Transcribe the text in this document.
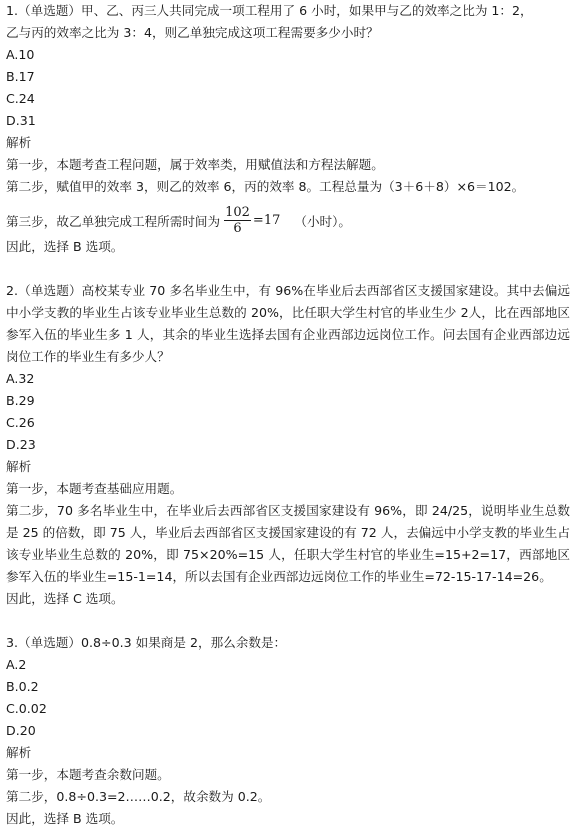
1.（单选题）甲、乙、丙三人共同完成一项工程用了 6 小时，如果甲与乙的效率之比为 1：2，
乙与丙的效率之比为 3：4，则乙单独完成这项工程需要多少小时？
A.10
B.17
C.24
D.31
解析
第一步，本题考查工程问题，属于效率类，用赋值法和方程法解题。
第二步，赋值甲的效率 3，则乙的效率 6，丙的效率 8。工程总量为（3＋6＋8）×6＝102。
第三步，故乙单独完成工程所需时间为 $\frac{102}{6} =17$ （小时）。
因此，选择 B 选项。
2.（单选题）高校某专业 70 多名毕业生中，有 96%在毕业后去西部省区支援国家建设。其中去偏远中小学支教的毕业生占该专业毕业生总数的 20%，比任职大学生村官的毕业生少 2人，比在西部地区参军入伍的毕业生多 1 人，其余的毕业生选择去国有企业西部边远岗位工作。问去国有企业西部边远岗位工作的毕业生有多少人？
A.32
B.29
C.26
D.23
解析
第一步，本题考查基础应用题。
第二步，70 多名毕业生中，在毕业后去西部省区支援国家建设有 96%，即 24/25，说明毕业生总数是 25 的倍数，即 75 人，毕业后去西部省区支援国家建设的有 72 人，去偏远中小学支教的毕业生占该专业毕业生总数的 20%，即 75×20%=15 人，任职大学生村官的毕业生=15+2=17，西部地区参军入伍的毕业生=15-1=14，所以去国有企业西部边远岗位工作的毕业生=72-15-17-14=26。
因此，选择 C 选项。
3.（单选题）0.8÷0.3 如果商是 2，那么余数是：
A.2
B.0.2
C.0.02
D.20
解析
第一步，本题考查余数问题。
第二步，0.8÷0.3=2……0.2，故余数为 0.2。
因此，选择 B 选项。
